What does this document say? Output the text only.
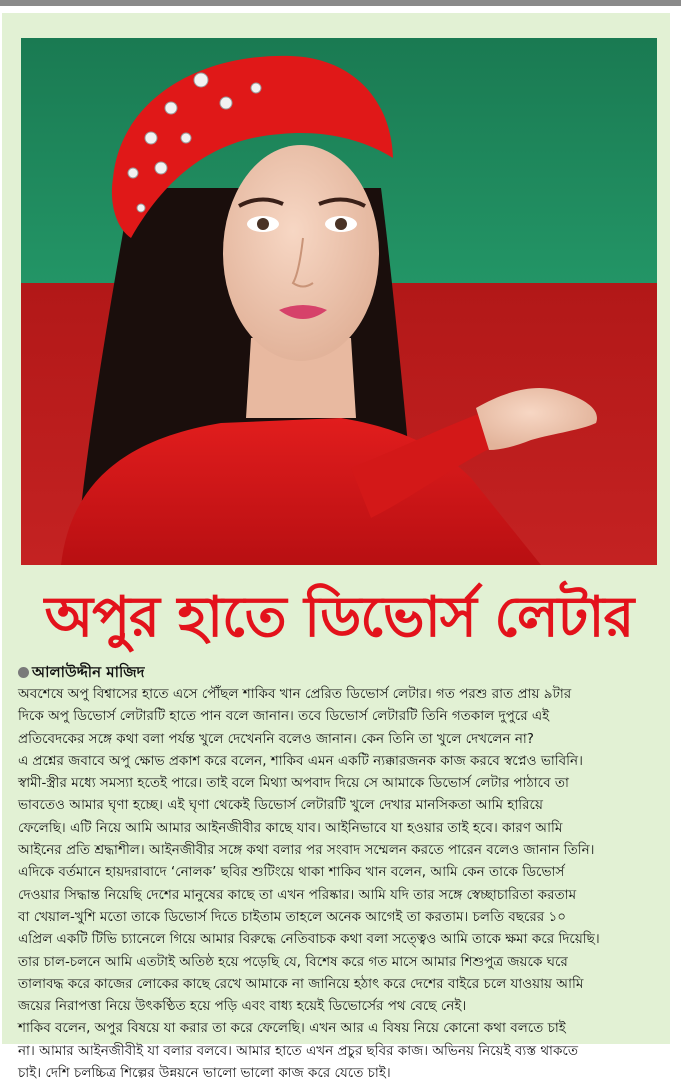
অপুর হাতে ডিভোর্স লেটার
আলাউদ্দীন মাজিদ

অবশেষে অপু বিশ্বাসের হাতে এসে পৌঁছল শাকিব খান প্রেরিত ডিভোর্স লেটার। গত পরশু রাত প্রায় ৯টার

দিকে অপু ডিভোর্স লেটারটি হাতে পান বলে জানান। তবে ডিভোর্স লেটারটি তিনি গতকাল দুপুরে এই

প্রতিবেদকের সঙ্গে কথা বলা পর্যন্ত খুলে দেখেননি বলেও জানান। কেন তিনি তা খুলে দেখলেন না?

এ প্রশ্নের জবাবে অপু ক্ষোভ প্রকাশ করে বলেন, শাকিব এমন একটি ন্যক্কারজনক কাজ করবে স্বপ্নেও ভাবিনি।

স্বামী-স্ত্রীর মধ্যে সমস্যা হতেই পারে। তাই বলে মিথ্যা অপবাদ দিয়ে সে আমাকে ডিভোর্স লেটার পাঠাবে তা

ভাবতেও আমার ঘৃণা হচ্ছে। এই ঘৃণা থেকেই ডিভোর্স লেটারটি খুলে দেখার মানসিকতা আমি হারিয়ে

ফেলেছি। এটি নিয়ে আমি আমার আইনজীবীর কাছে যাব। আইনিভাবে যা হওয়ার তাই হবে। কারণ আমি

আইনের প্রতি শ্রদ্ধাশীল। আইনজীবীর সঙ্গে কথা বলার পর সংবাদ সম্মেলন করতে পারেন বলেও জানান তিনি।

এদিকে বর্তমানে হায়দরাবাদে ‘নোলক’ ছবির শুটিংয়ে থাকা শাকিব খান বলেন, আমি কেন তাকে ডিভোর্স

দেওয়ার সিদ্ধান্ত নিয়েছি দেশের মানুষের কাছে তা এখন পরিষ্কার। আমি যদি তার সঙ্গে স্বেচ্ছাচারিতা করতাম

বা খেয়াল-খুশি মতো তাকে ডিভোর্স দিতে চাইতাম তাহলে অনেক আগেই তা করতাম। চলতি বছরের ১০

এপ্রিল একটি টিভি চ্যানেলে গিয়ে আমার বিরুদ্ধে নেতিবাচক কথা বলা সত্ত্বেও আমি তাকে ক্ষমা করে দিয়েছি।

তার চাল-চলনে আমি এতটাই অতিষ্ঠ হয়ে পড়েছি যে, বিশেষ করে গত মাসে আমার শিশুপুত্র জয়কে ঘরে

তালাবদ্ধ করে কাজের লোকের কাছে রেখে আমাকে না জানিয়ে হঠাৎ করে দেশের বাইরে চলে যাওয়ায় আমি

জয়ের নিরাপত্তা নিয়ে উৎকণ্ঠিত হয়ে পড়ি এবং বাধ্য হয়েই ডিভোর্সের পথ বেছে নেই।

শাকিব বলেন, অপুর বিষয়ে যা করার তা করে ফেলেছি। এখন আর এ বিষয় নিয়ে কোনো কথা বলতে চাই

না। আমার আইনজীবীই যা বলার বলবে। আমার হাতে এখন প্রচুর ছবির কাজ। অভিনয় নিয়েই ব্যস্ত থাকতে

চাই। দেশি চলচ্চিত্র শিল্পের উন্নয়নে ভালো ভালো কাজ করে যেতে চাই।
